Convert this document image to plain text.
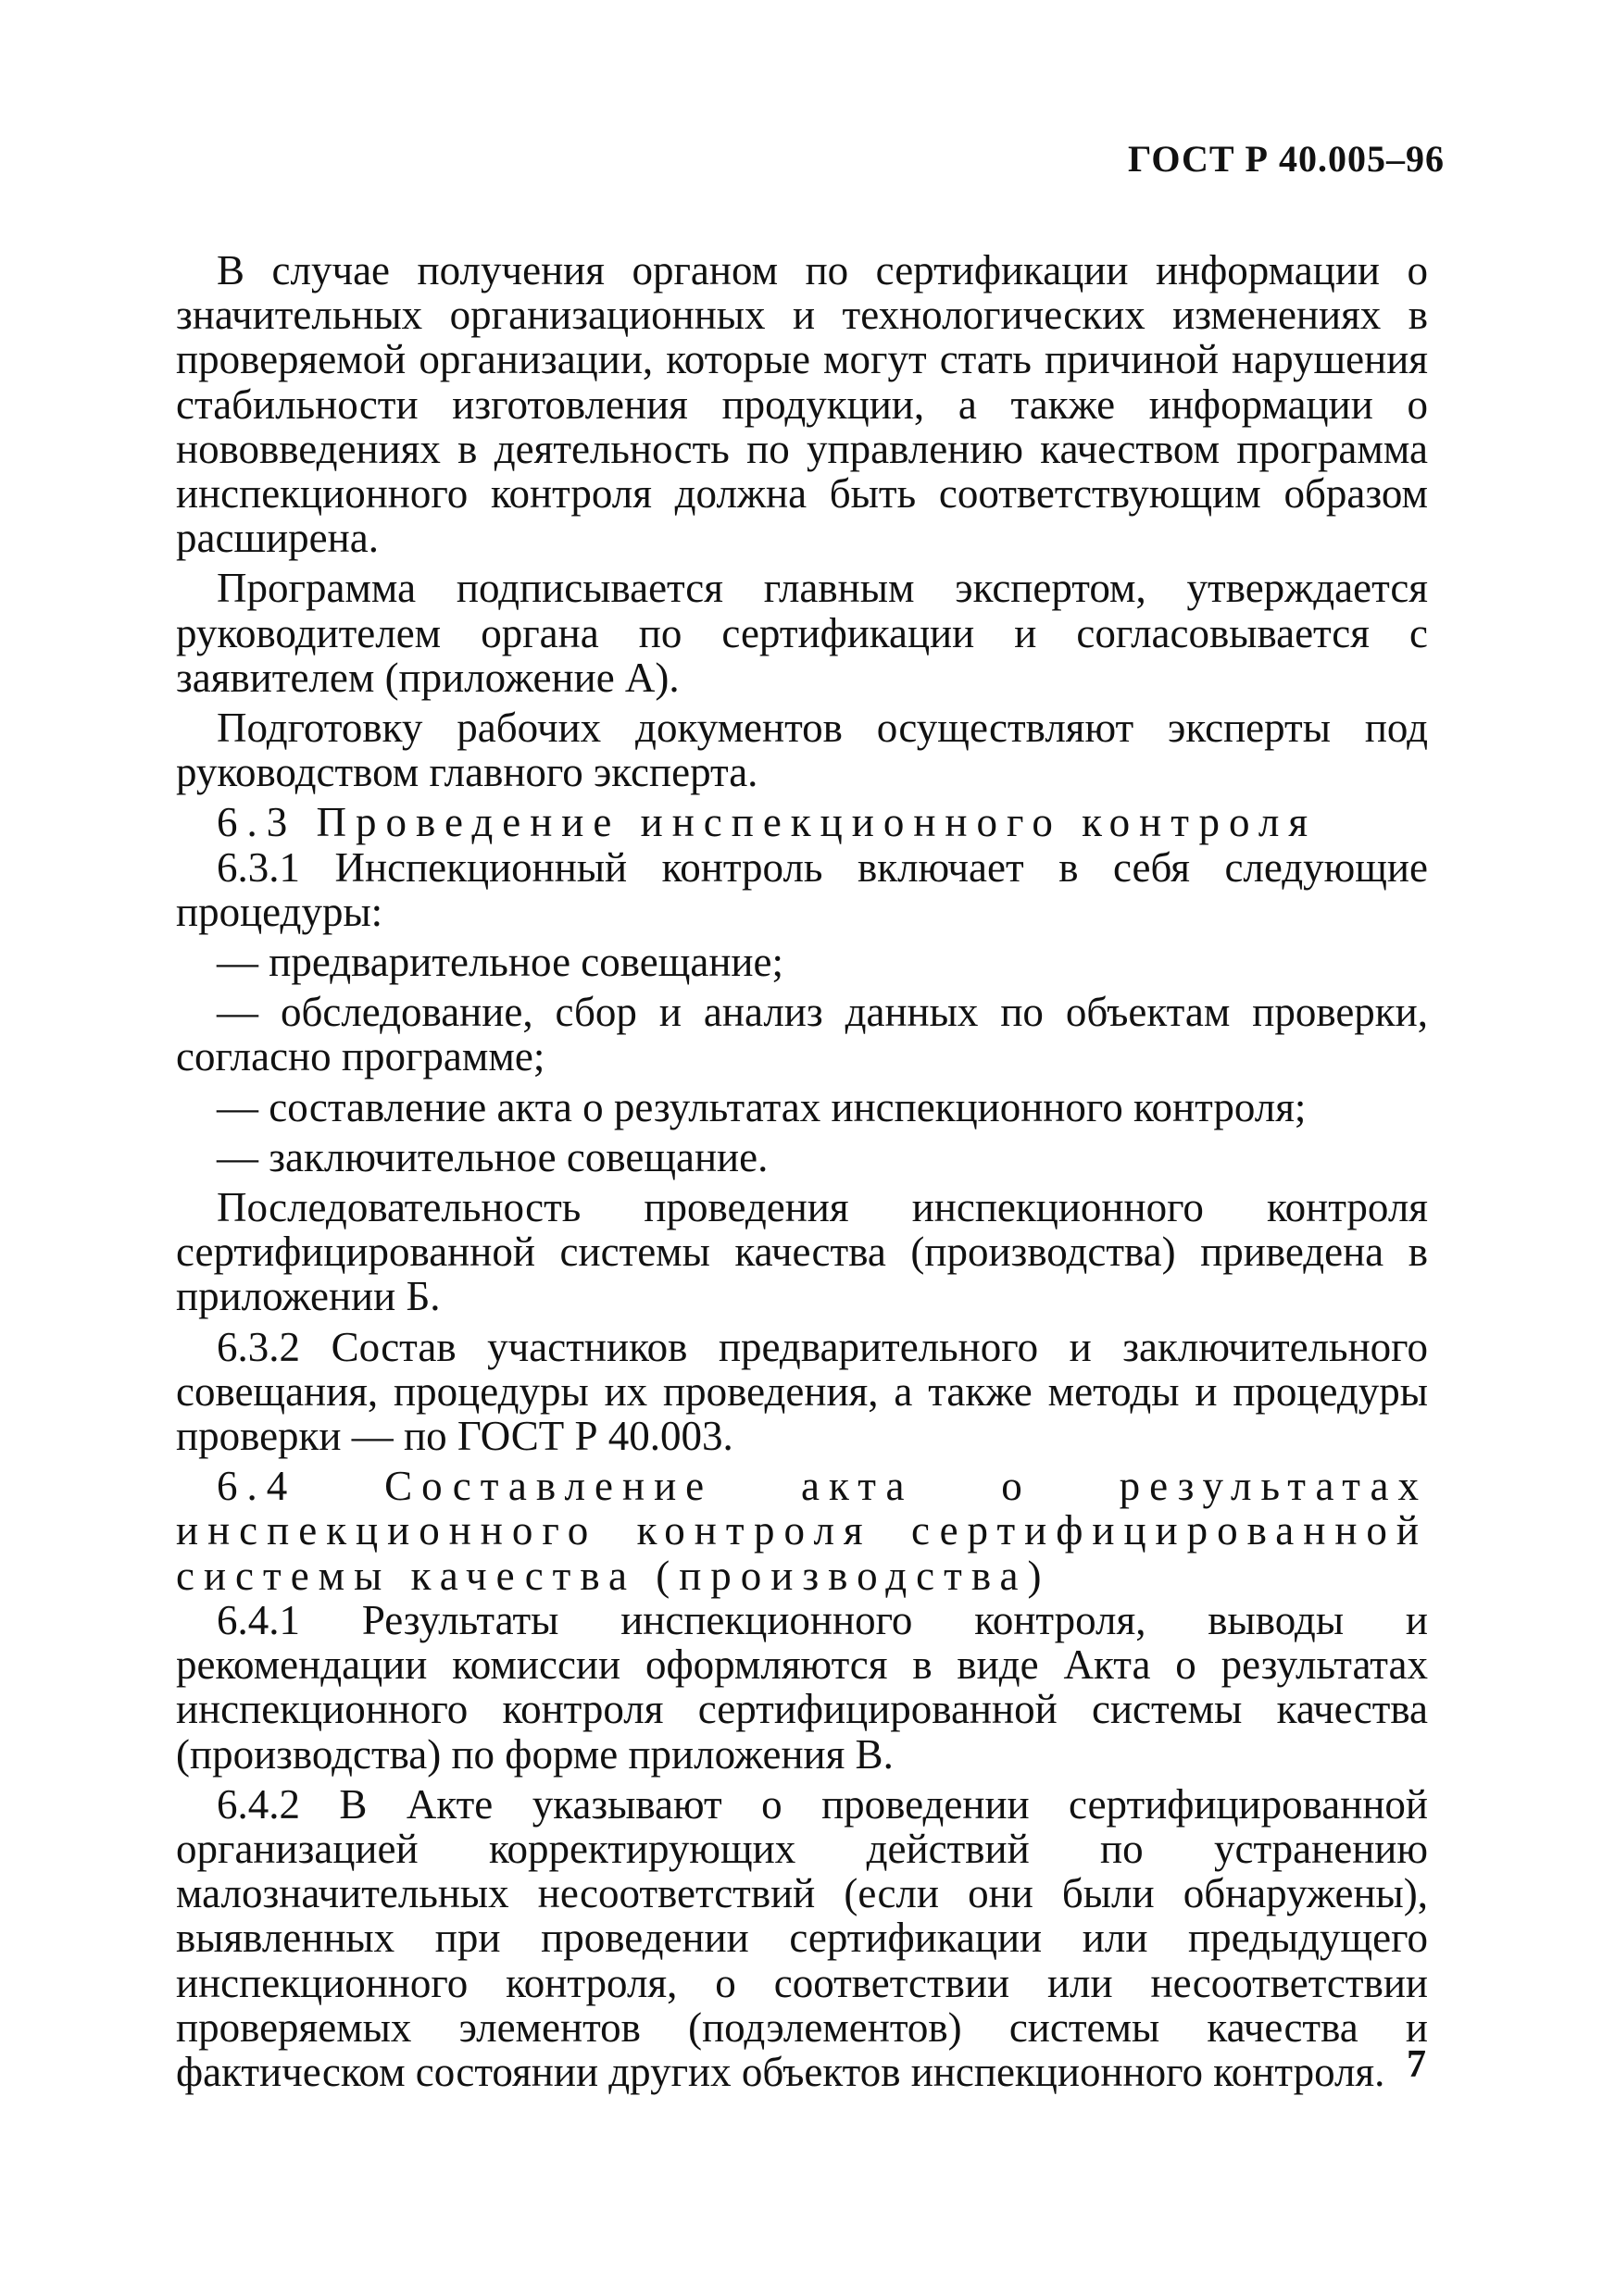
ГОСТ Р 40.005–96

В случае получения органом по сертификации информации о значительных организационных и технологических изменениях в проверяемой организации, которые могут стать причиной нарушения стабильности изготовления продукции, а также информации о нововведениях в деятельность по управлению качеством программа инспекционного контроля должна быть соответствующим образом расширена.

Программа подписывается главным экспертом, утверждается руководителем органа по сертификации и согласовывается с заявителем (приложение А).

Подготовку рабочих документов осуществляют эксперты под руководством главного эксперта.

6.3 Проведение инспекционного контроля

6.3.1 Инспекционный контроль включает в себя следующие процедуры:

— предварительное совещание;

— обследование, сбор и анализ данных по объектам проверки, согласно программе;

— составление акта о результатах инспекционного контроля;

— заключительное совещание.

Последовательность проведения инспекционного контроля сертифицированной системы качества (производства) приведена в приложении Б.

6.3.2 Состав участников предварительного и заключительного совещания, процедуры их проведения, а также методы и процедуры проверки — по ГОСТ Р 40.003.

6.4 Составление акта о результатах инспекционного контроля сертифицированной системы качества (производства)

6.4.1 Результаты инспекционного контроля, выводы и рекомендации комиссии оформляются в виде Акта о результатах инспекционного контроля сертифицированной системы качества (производства) по форме приложения В.

6.4.2 В Акте указывают о проведении сертифицированной организацией корректирующих действий по устранению малозначительных несоответствий (если они были обнаружены), выявленных при проведении сертификации или предыдущего инспекционного контроля, о соответствии или несоответствии проверяемых элементов (подэлементов) системы качества и фактическом состоянии других объектов инспекционного контроля. 7
